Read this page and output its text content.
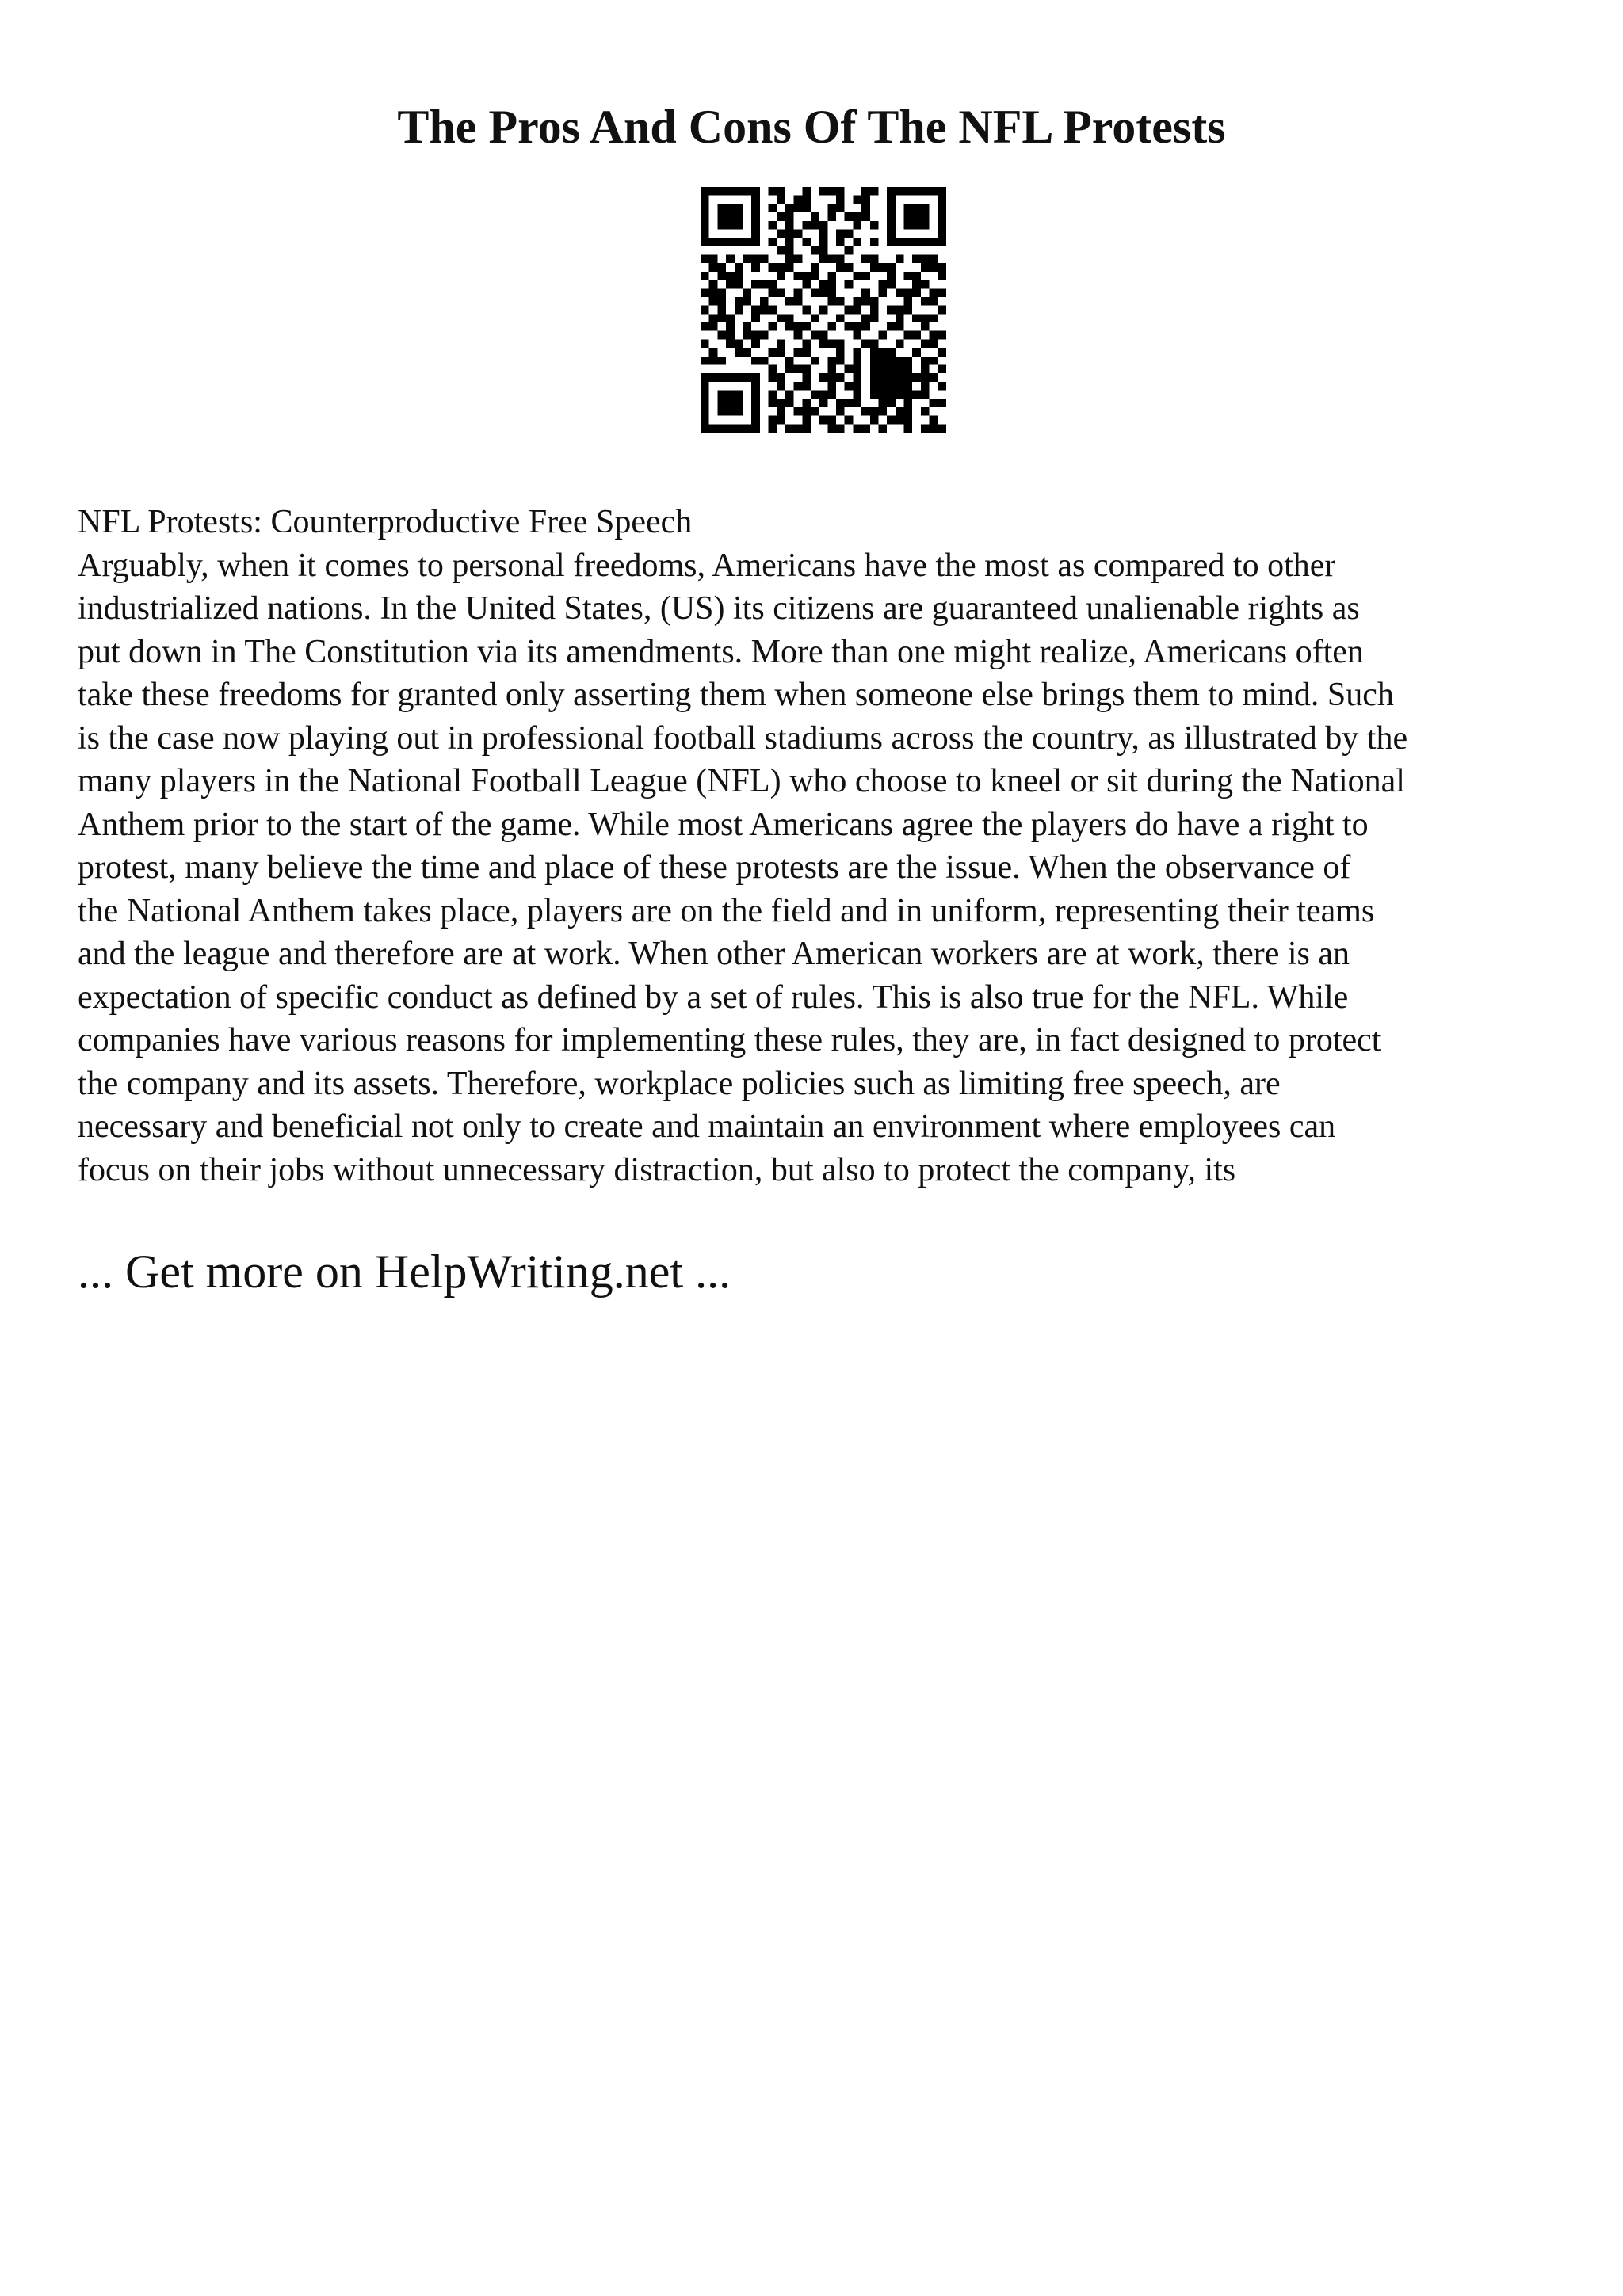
The Pros And Cons Of The NFL Protests

NFL Protests: Counterproductive Free Speech

Arguably, when it comes to personal freedoms, Americans have the most as compared to other
industrialized nations. In the United States, (US) its citizens are guaranteed unalienable rights as
put down in The Constitution via its amendments. More than one might realize, Americans often
take these freedoms for granted only asserting them when someone else brings them to mind. Such
is the case now playing out in professional football stadiums across the country, as illustrated by the
many players in the National Football League (NFL) who choose to kneel or sit during the National
Anthem prior to the start of the game. While most Americans agree the players do have a right to
protest, many believe the time and place of these protests are the issue. When the observance of
the National Anthem takes place, players are on the field and in uniform, representing their teams
and the league and therefore are at work. When other American workers are at work, there is an
expectation of specific conduct as defined by a set of rules. This is also true for the NFL. While
companies have various reasons for implementing these rules, they are, in fact designed to protect
the company and its assets. Therefore, workplace policies such as limiting free speech, are
necessary and beneficial not only to create and maintain an environment where employees can
focus on their jobs without unnecessary distraction, but also to protect the company, its

... Get more on HelpWriting.net ...
